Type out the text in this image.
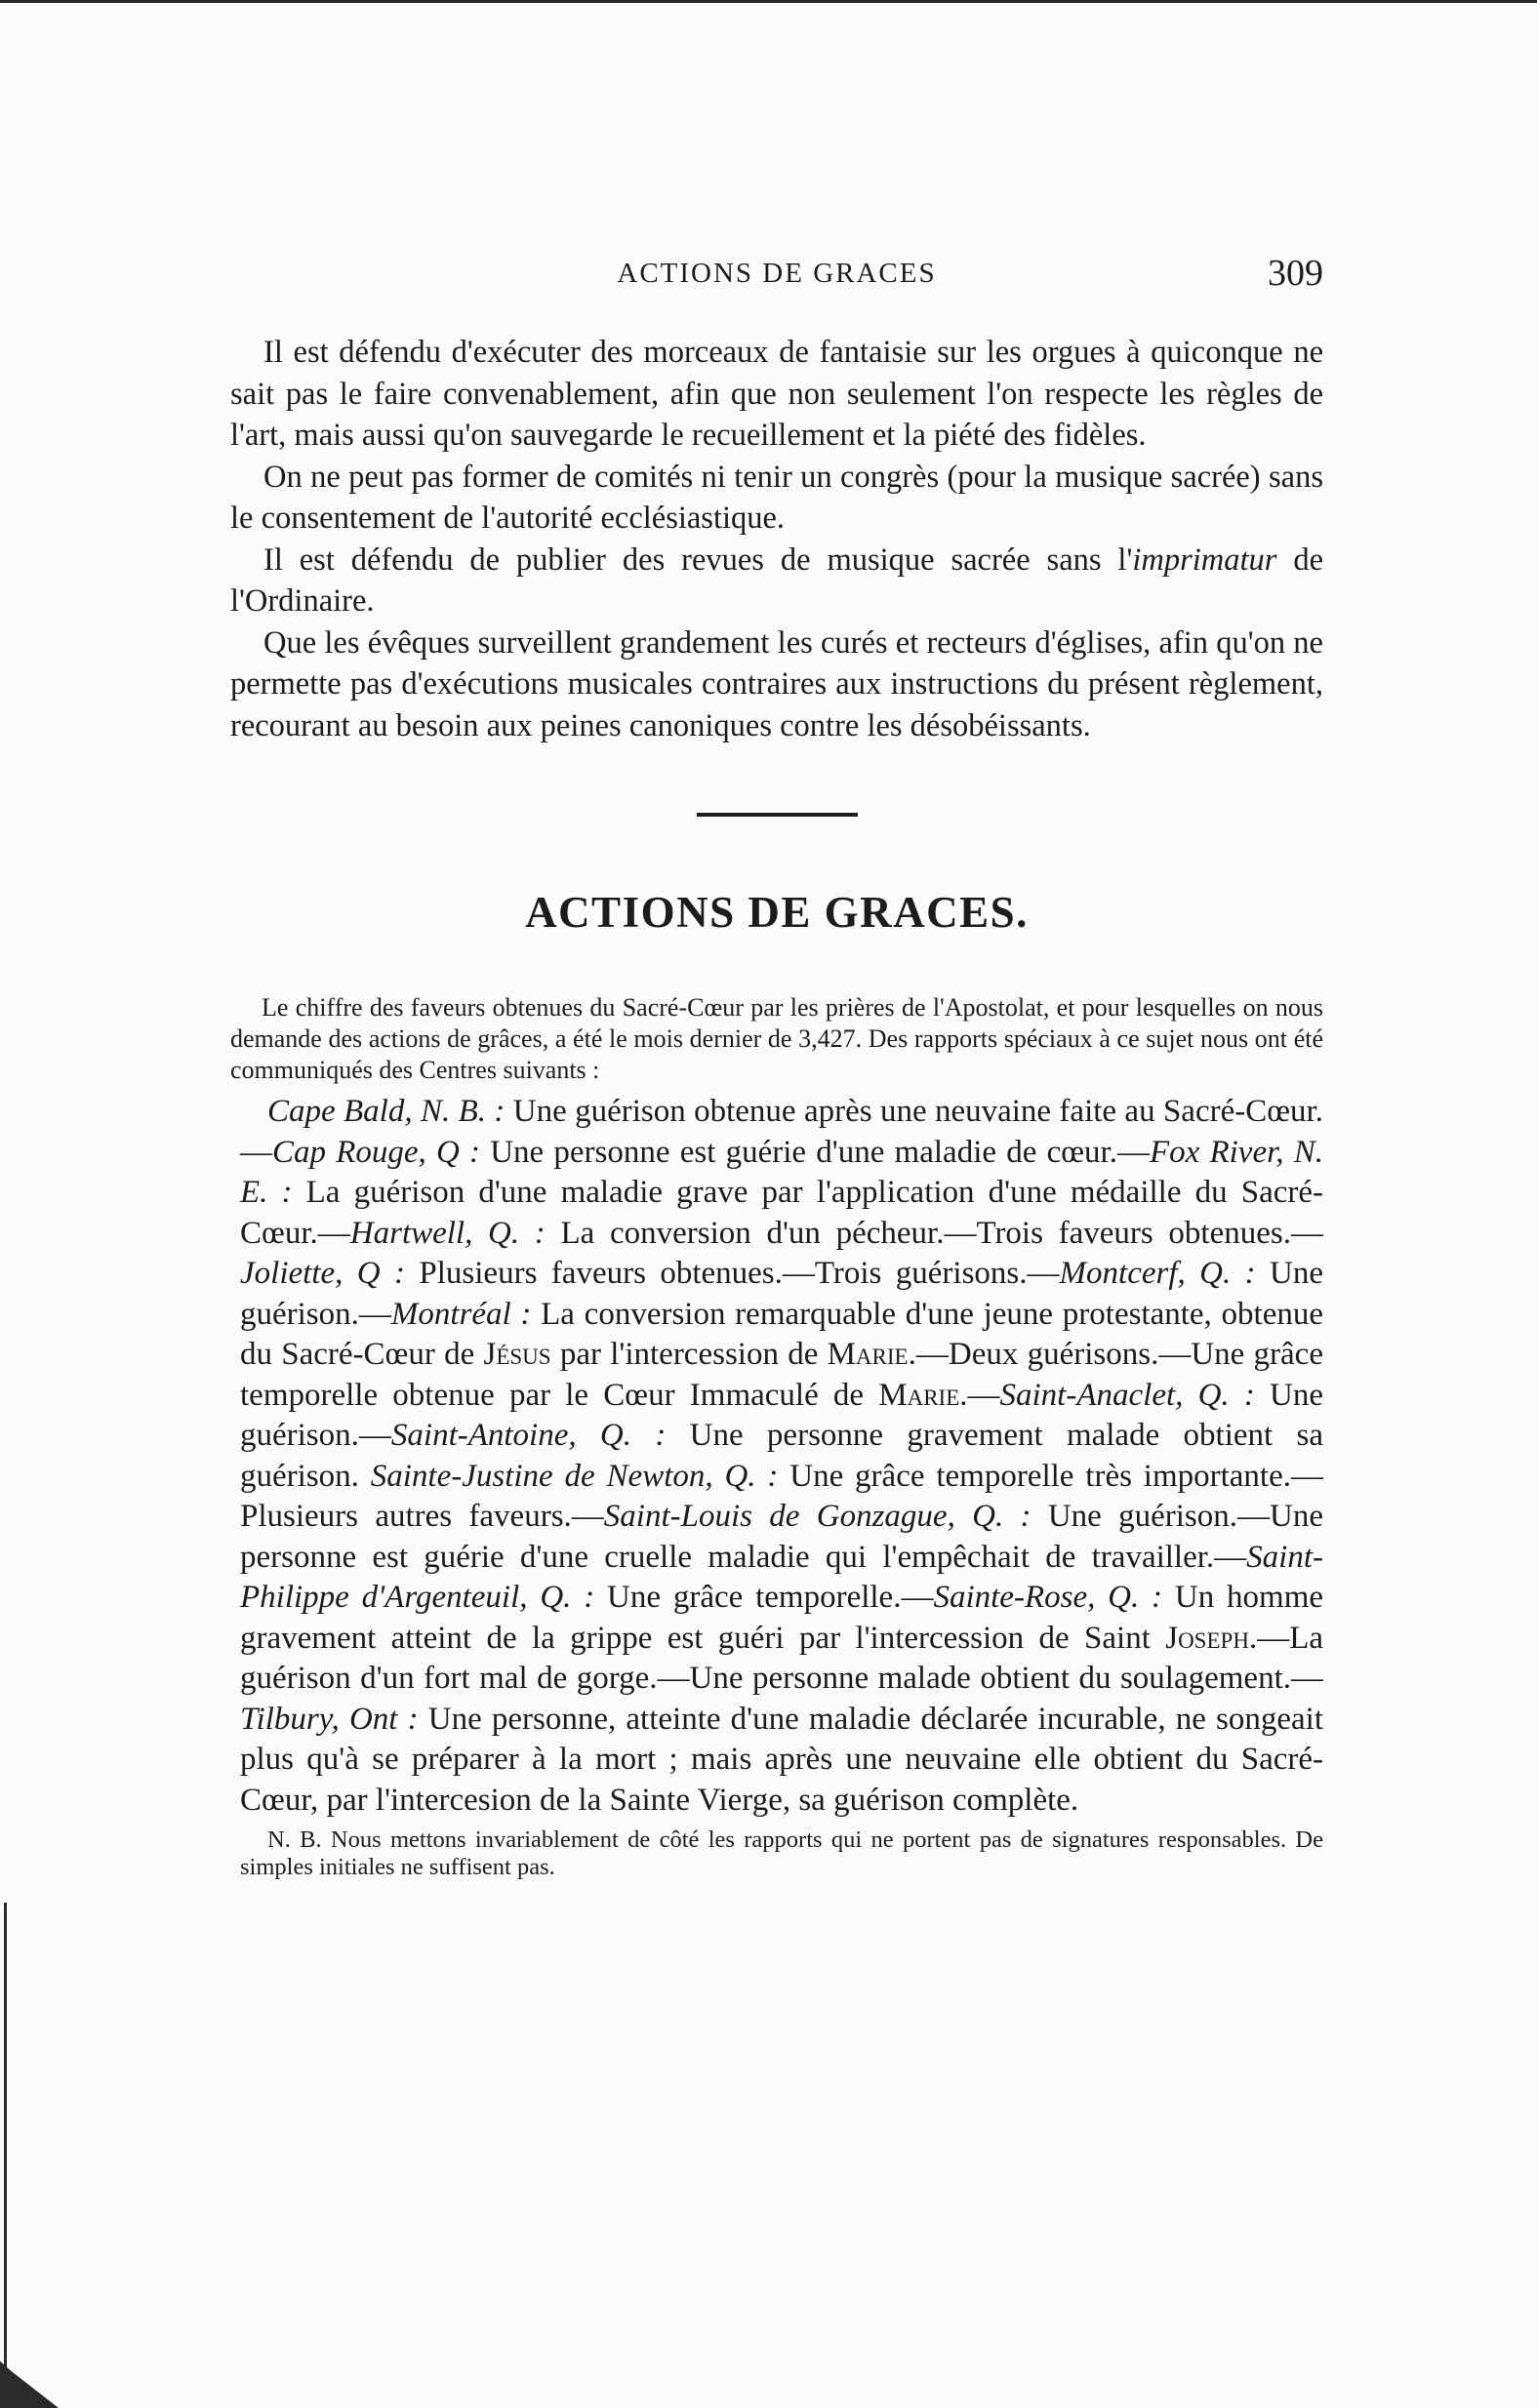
ACTIONS DE GRACES	309

Il est défendu d'exécuter des morceaux de fantaisie sur les orgues à quiconque ne sait pas le faire convenablement, afin que non seulement l'on respecte les règles de l'art, mais aussi qu'on sauvegarde le recueillement et la piété des fidèles.

On ne peut pas former de comités ni tenir un congrès (pour la musique sacrée) sans le consentement de l'autorité ecclésiastique.

Il est défendu de publier des revues de musique sacrée sans l'imprimatur de l'Ordinaire.

Que les évêques surveillent grandement les curés et recteurs d'églises, afin qu'on ne permette pas d'exécutions musicales contraires aux instructions du présent règlement, recourant au besoin aux peines canoniques contre les désobéissants.

ACTIONS DE GRACES.

Le chiffre des faveurs obtenues du Sacré-Cœur par les prières de l'Apostolat, et pour lesquelles on nous demande des actions de grâces, a été le mois dernier de 3,427. Des rapports spéciaux à ce sujet nous ont été communiqués des Centres suivants :

Cape Bald, N. B. : Une guérison obtenue après une neuvaine faite au Sacré-Cœur.—Cap Rouge, Q : Une personne est guérie d'une maladie de cœur.—Fox River, N. E. : La guérison d'une maladie grave par l'application d'une médaille du Sacré-Cœur.—Hartwell, Q. : La conversion d'un pécheur.—Trois faveurs obtenues.—Joliette, Q : Plusieurs faveurs obtenues.—Trois guérisons.—Montcerf, Q. : Une guérison.—Montréal : La conversion remarquable d'une jeune protestante, obtenue du Sacré-Cœur de Jésus par l'intercession de Marie.—Deux guérisons.—Une grâce temporelle obtenue par le Cœur Immaculé de Marie.—Saint-Anaclet, Q. : Une guérison.—Saint-Antoine, Q. : Une personne gravement malade obtient sa guérison. Sainte-Justine de Newton, Q. : Une grâce temporelle très importante.—Plusieurs autres faveurs.—Saint-Louis de Gonzague, Q. : Une guérison.—Une personne est guérie d'une cruelle maladie qui l'empêchait de travailler.—Saint-Philippe d'Argenteuil, Q. : Une grâce temporelle.—Sainte-Rose, Q. : Un homme gravement atteint de la grippe est guéri par l'intercession de Saint Joseph.—La guérison d'un fort mal de gorge.—Une personne malade obtient du soulagement.—Tilbury, Ont : Une personne, atteinte d'une maladie déclarée incurable, ne songeait plus qu'à se préparer à la mort ; mais après une neuvaine elle obtient du Sacré-Cœur, par l'intercesion de la Sainte Vierge, sa guérison complète.

N. B. Nous mettons invariablement de côté les rapports qui ne portent pas de signatures responsables. De simples initiales ne suffisent pas.
